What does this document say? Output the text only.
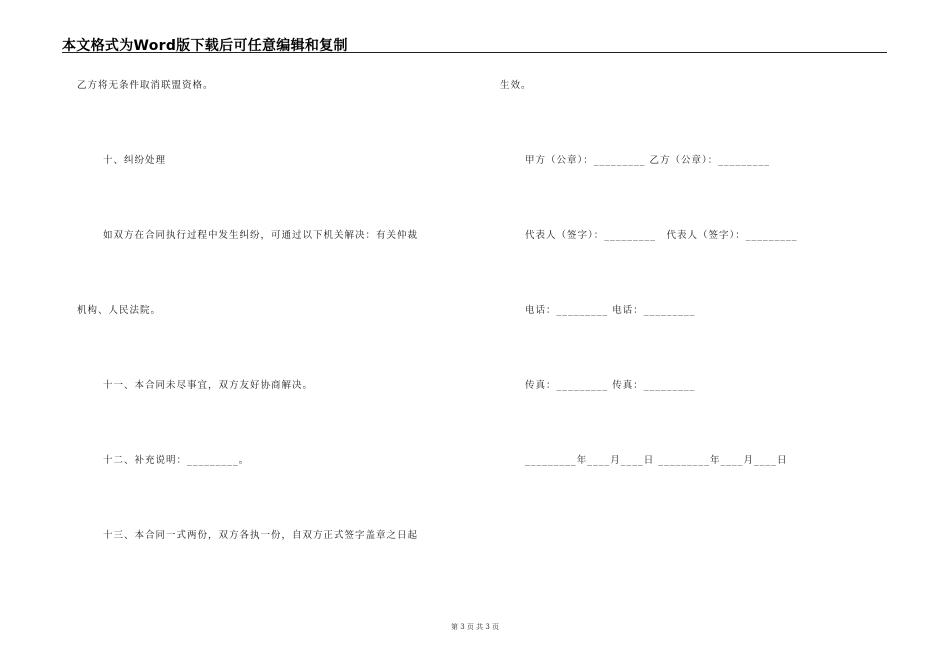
本文格式为Word版下载后可任意编辑和复制
乙方将无条件取消联盟资格。
十、纠纷处理
如双方在合同执行过程中发生纠纷，可通过以下机关解决：有关仲裁
机构、人民法院。
十一、本合同未尽事宜，双方友好协商解决。
十二、补充说明：_________。
十三、本合同一式两份，双方各执一份，自双方正式签字盖章之日起
生效。
甲方（公章）：_________ 乙方（公章）：_________
代表人（签字）：_________　代表人（签字）：_________
电话：_________ 电话：_________
传真：_________ 传真：_________
_________年____月____日 _________年____月____日
第 3 页 共 3 页
